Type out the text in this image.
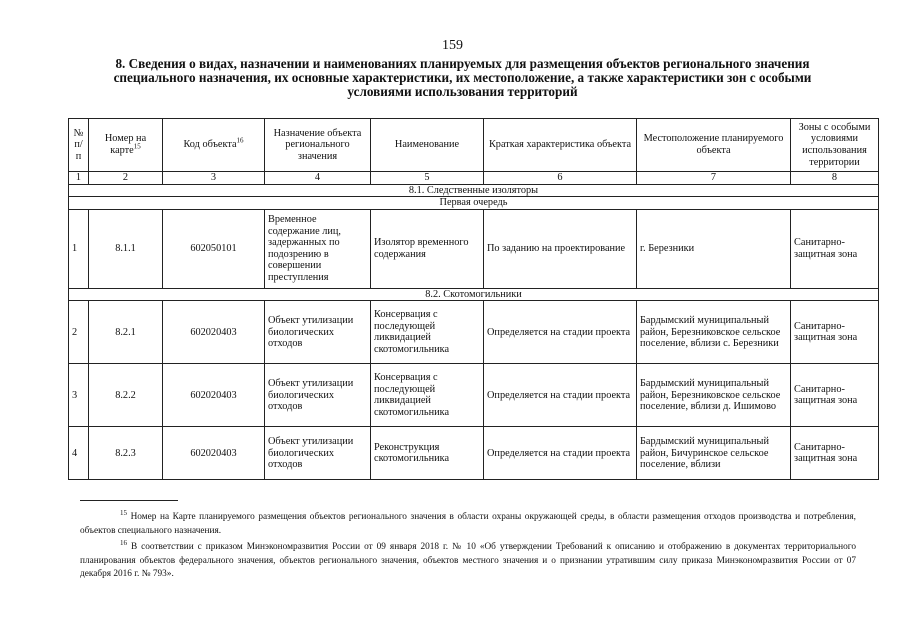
159
8. Сведения о видах, назначении и наименованиях планируемых для размещения объектов регионального значения специального назначения, их основные характеристики, их местоположение, а также характеристики зон с особыми условиями использования территорий
№ п/п	Номер на карте$^{15}$	Код объекта$^{16}$	Назначение объекта регионального значения	Наименование	Краткая характеристика объекта	Местоположение планируемого объекта	Зоны с особыми условиями использования территории
1	2	3	4	5	6	7	8
8.1. Следственные изоляторы							
Первая очередь							
1	8.1.1	602050101	Временное содержание лиц, задержанных по подозрению в совершении преступления	Изолятор временного содержания	По заданию на проектирование	г. Березники	Санитарно-защитная зона
8.2. Скотомогильники							
2	8.2.1	602020403	Объект утилизации биологических отходов	Консервация с последующей ликвидацией скотомогильника	Определяется на стадии проекта	Бардымский муниципальный район, Березниковское сельское поселение, вблизи с. Березники	Санитарно-защитная зона
3	8.2.2	602020403	Объект утилизации биологических отходов	Консервация с последующей ликвидацией скотомогильника	Определяется на стадии проекта	Бардымский муниципальный район, Березниковское сельское поселение, вблизи д. Ишимово	Санитарно-защитная зона
4	8.2.3	602020403	Объект утилизации биологических отходов	Реконструкция скотомогильника	Определяется на стадии проекта	Бардымский муниципальный район, Бичуринское сельское поселение, вблизи	Санитарно-защитная зона
$^{15}$ Номер на Карте планируемого размещения объектов регионального значения в области охраны окружающей среды, в области размещения отходов производства и потребления, объектов специального назначения.
$^{16}$ В соответствии с приказом Минэкономразвития России от 09 января 2018 г. № 10 «Об утверждении Требований к описанию и отображению в документах территориального планирования объектов федерального значения, объектов регионального значения, объектов местного значения и о признании утратившим силу приказа Минэкономразвития России от 07 декабря 2016 г. № 793».
